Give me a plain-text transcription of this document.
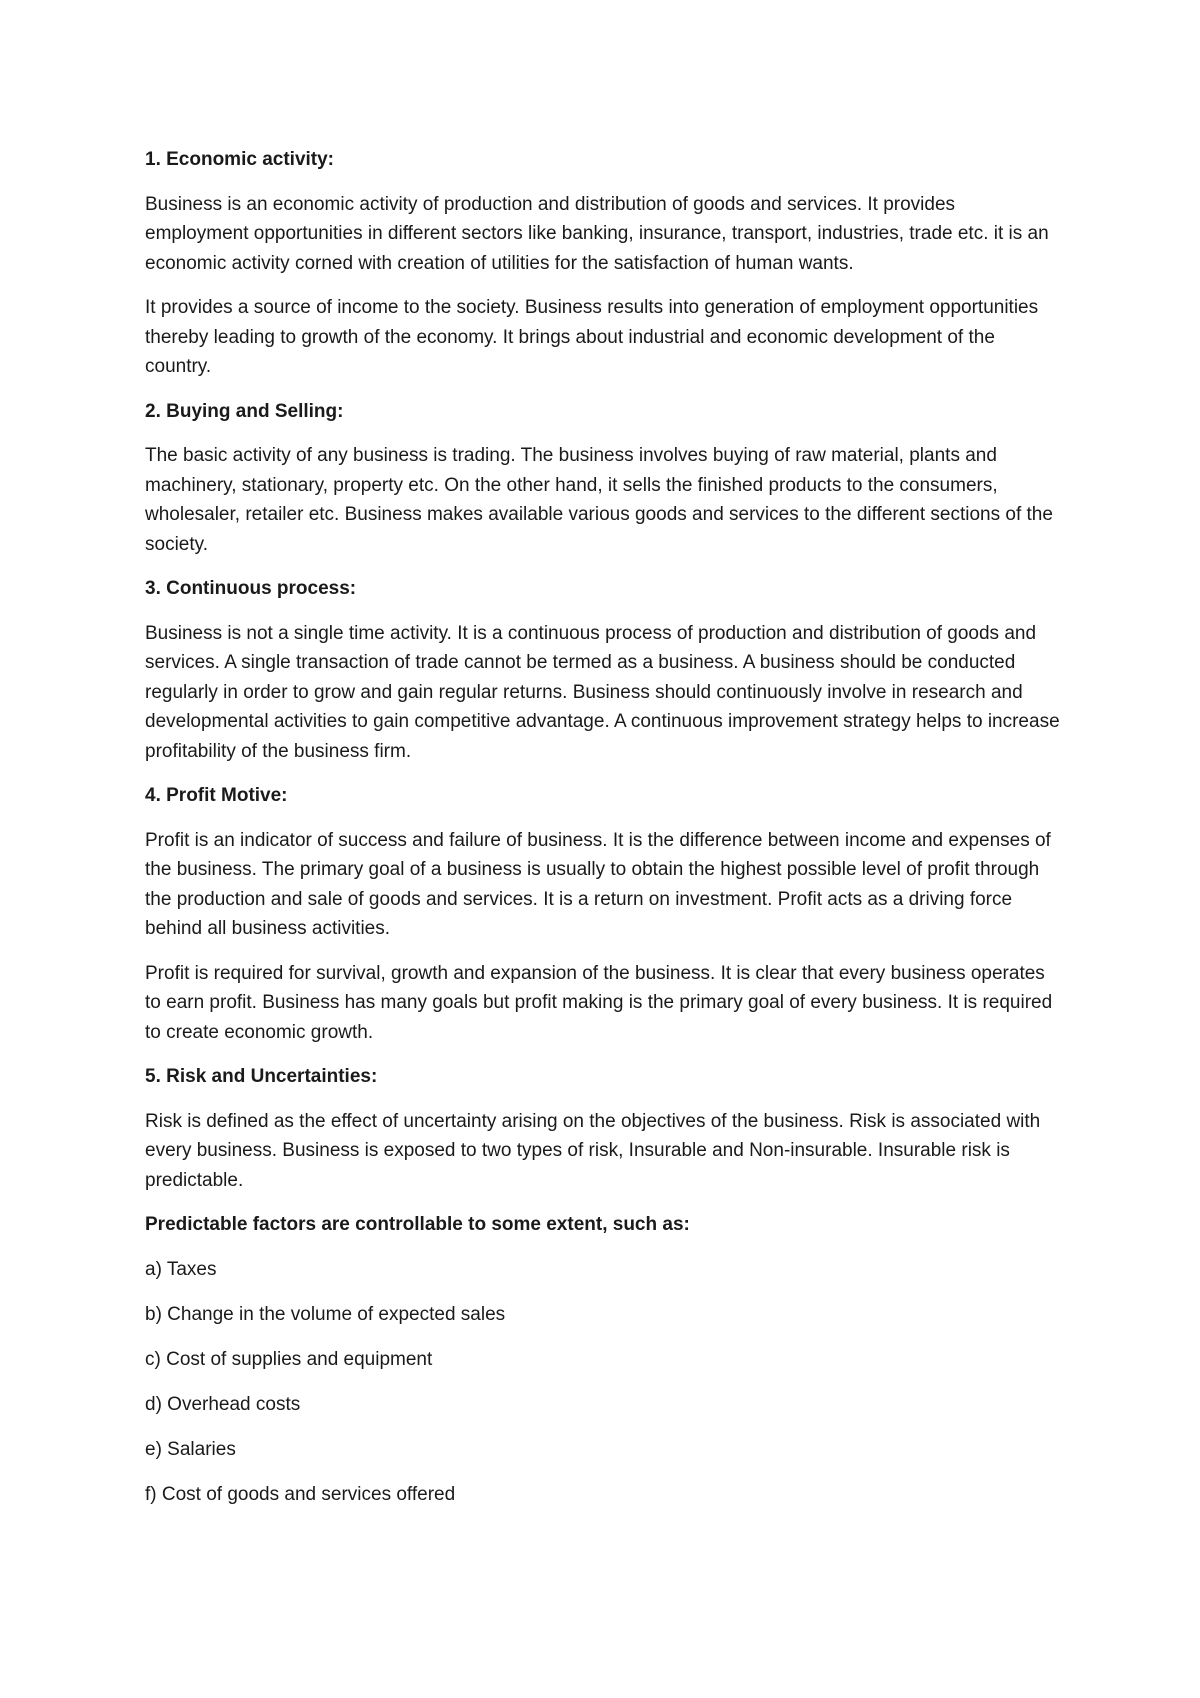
1. Economic activity:

Business is an economic activity of production and distribution of goods and services. It provides employment opportunities in different sectors like banking, insurance, transport, industries, trade etc. it is an economic activity corned with creation of utilities for the satisfaction of human wants.

It provides a source of income to the society. Business results into generation of employment opportunities thereby leading to growth of the economy. It brings about industrial and economic development of the country.

2. Buying and Selling:

The basic activity of any business is trading. The business involves buying of raw material, plants and machinery, stationary, property etc. On the other hand, it sells the finished products to the consumers, wholesaler, retailer etc. Business makes available various goods and services to the different sections of the society.

3. Continuous process:

Business is not a single time activity. It is a continuous process of production and distribution of goods and services. A single transaction of trade cannot be termed as a business. A business should be conducted regularly in order to grow and gain regular returns. Business should continuously involve in research and developmental activities to gain competitive advantage. A continuous improvement strategy helps to increase profitability of the business firm.

4. Profit Motive:

Profit is an indicator of success and failure of business. It is the difference between income and expenses of the business. The primary goal of a business is usually to obtain the highest possible level of profit through the production and sale of goods and services. It is a return on investment. Profit acts as a driving force behind all business activities.

Profit is required for survival, growth and expansion of the business. It is clear that every business operates to earn profit. Business has many goals but profit making is the primary goal of every business. It is required to create economic growth.

5. Risk and Uncertainties:

Risk is defined as the effect of uncertainty arising on the objectives of the business. Risk is associated with every business. Business is exposed to two types of risk, Insurable and Non-insurable. Insurable risk is predictable.

Predictable factors are controllable to some extent, such as:

a) Taxes
b) Change in the volume of expected sales
c) Cost of supplies and equipment
d) Overhead costs
e) Salaries
f) Cost of goods and services offered
